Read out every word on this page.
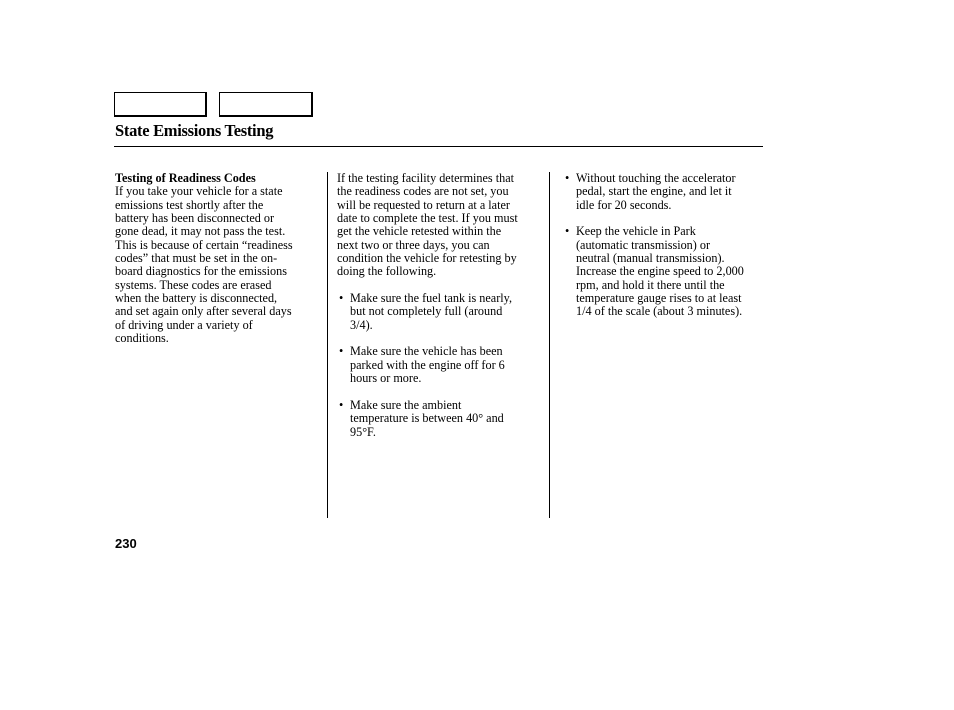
State Emissions Testing

Testing of Readiness Codes

If you take your vehicle for a state
emissions test shortly after the
battery has been disconnected or
gone dead, it may not pass the test.
This is because of certain “readiness
codes” that must be set in the on-
board diagnostics for the emissions
systems. These codes are erased
when the battery is disconnected,
and set again only after several days
of driving under a variety of
conditions.

If the testing facility determines that
the readiness codes are not set, you
will be requested to return at a later
date to complete the test. If you must
get the vehicle retested within the
next two or three days, you can
condition the vehicle for retesting by
doing the following.

• Make sure the fuel tank is nearly,
but not completely full (around
3/4).

• Make sure the vehicle has been
parked with the engine off for 6
hours or more.

• Make sure the ambient
temperature is between 40° and
95°F.

• Without touching the accelerator
pedal, start the engine, and let it
idle for 20 seconds.

• Keep the vehicle in Park
(automatic transmission) or
neutral (manual transmission).
Increase the engine speed to 2,000
rpm, and hold it there until the
temperature gauge rises to at least
1/4 of the scale (about 3 minutes).

230
